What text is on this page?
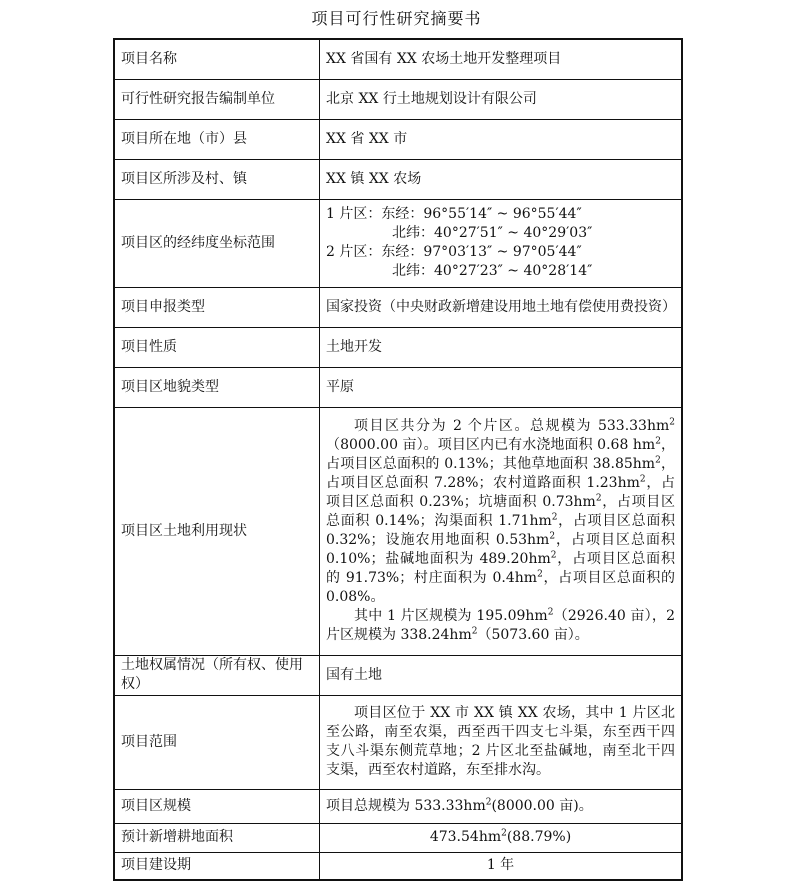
项目可行性研究摘要书
项目名称	XX 省国有 XX 农场土地开发整理项目
可行性研究报告编制单位	北京 XX 行土地规划设计有限公司
项目所在地（市）县	XX 省 XX 市
项目区所涉及村、镇	XX 镇 XX 农场
项目区的经纬度坐标范围	1 片区：东经：96°55′14″ ~ 96°55′44″
北纬：40°27′51″ ~ 40°29′03″
2 片区：东经：97°03′13″ ~ 97°05′44″
北纬：40°27′23″ ~ 40°28′14″

项目申报类型	国家投资（中央财政新增建设用地土地有偿使用费投资）
项目性质	土地开发
项目区地貌类型	平原
项目区土地利用现状	项目区共分为 2 个片区。总规模为 $533.33hm^2(8000.00$ 亩）。项目区内已有水浇地面积 0.68 $hm^2$，占项目区总面积的 0.13%；其他草地面积 $38.85hm^2$，占项目区总面积 7.28%；农村道路面积 $1.23hm^2$，占项目区总面积 0.23%；坑塘面积 $0.73hm^2$，占项目区总面积 0.14%；沟渠面积 $1.71hm^2$，占项目区总面积 0.32%；设施农用地面积 $0.53hm^2$，占项目区总面积 0.10%；盐碱地面积为 $489.20hm^2$，占项目区总面积的 91.73%；村庄面积为 $0.4hm^2$，占项目区总面积的 0.08%。

其中 1 片区规模为 $195.09hm^2(2926.40$ 亩），2 片区规模为 $338.24hm^2(5073.60$ 亩）。

土地权属情况（所有权、使用权）	国有土地
项目范围	项目区位于 XX 市 XX 镇 XX 农场，其中 1 片区北至公路，南至农渠，西至西干四支七斗渠，东至西干四支八斗渠东侧荒草地；2 片区北至盐碱地，南至北干四支渠，西至农村道路，东至排水沟。

项目区规模	项目总规模为 $533.33hm^2(8000.00$ 亩)。
预计新增耕地面积	$473.54hm^2(88.79\%)$
项目建设期	1 年
